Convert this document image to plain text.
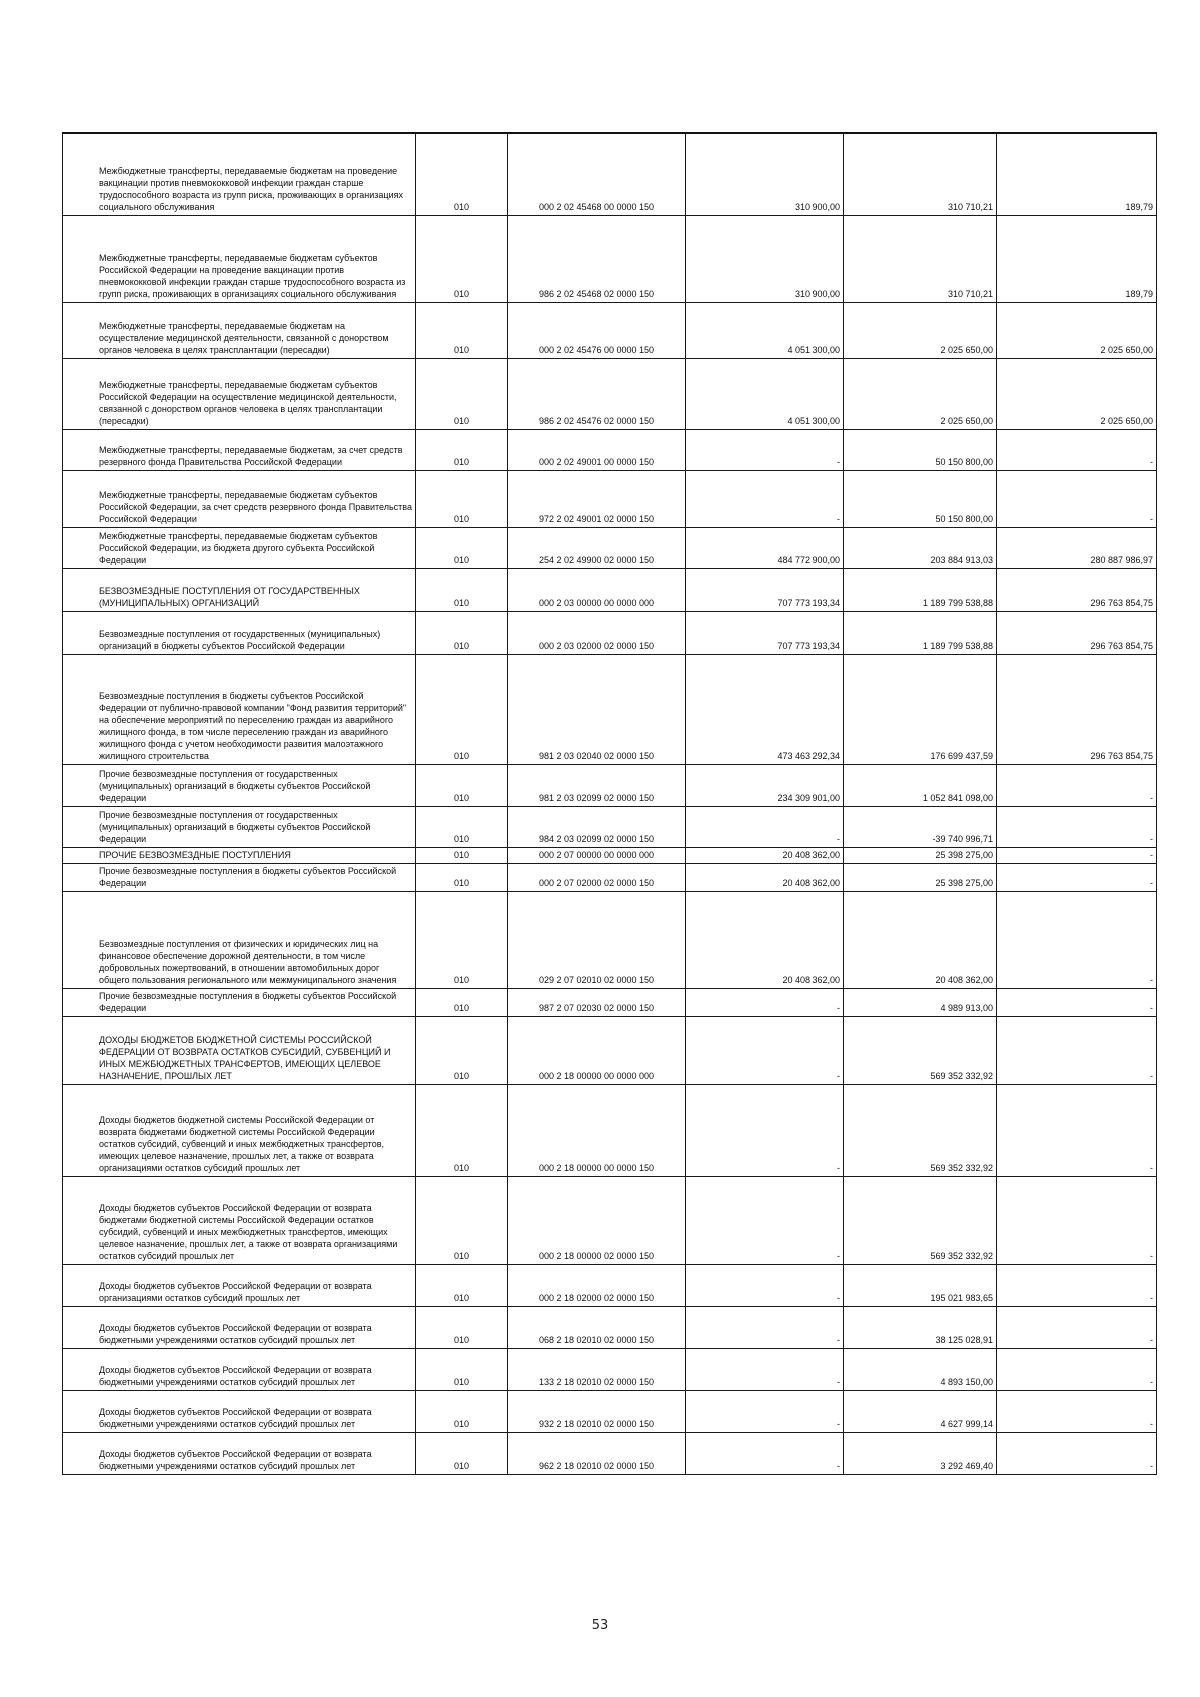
Межбюджетные трансферты, передаваемые бюджетам на проведение вакцинации против пневмококковой инфекции граждан старше трудоспособного возраста из групп риска, проживающих в организациях социального обслуживания	010	000 2 02 45468 00 0000 150	310 900,00	310 710,21	189,79
Межбюджетные трансферты, передаваемые бюджетам субъектов Российской Федерации на проведение вакцинации против пневмококковой инфекции граждан старше трудоспособного возраста из групп риска, проживающих в организациях социального обслуживания	010	986 2 02 45468 02 0000 150	310 900,00	310 710,21	189,79
Межбюджетные трансферты, передаваемые бюджетам на осуществление медицинской деятельности, связанной с донорством органов человека в целях трансплантации (пересадки)	010	000 2 02 45476 00 0000 150	4 051 300,00	2 025 650,00	2 025 650,00
Межбюджетные трансферты, передаваемые бюджетам субъектов Российской Федерации на осуществление медицинской деятельности, связанной с донорством органов человека в целях трансплантации (пересадки)	010	986 2 02 45476 02 0000 150	4 051 300,00	2 025 650,00	2 025 650,00
Межбюджетные трансферты, передаваемые бюджетам, за счет средств резервного фонда Правительства Российской Федерации	010	000 2 02 49001 00 0000 150	-	50 150 800,00	-
Межбюджетные трансферты, передаваемые бюджетам субъектов Российской Федерации, за счет средств резервного фонда Правительства Российской Федерации	010	972 2 02 49001 02 0000 150	-	50 150 800,00	-
Межбюджетные трансферты, передаваемые бюджетам субъектов Российской Федерации, из бюджета другого субъекта Российской Федерации	010	254 2 02 49900 02 0000 150	484 772 900,00	203 884 913,03	280 887 986,97
БЕЗВОЗМЕЗДНЫЕ ПОСТУПЛЕНИЯ ОТ ГОСУДАРСТВЕННЫХ (МУНИЦИПАЛЬНЫХ) ОРГАНИЗАЦИЙ	010	000 2 03 00000 00 0000 000	707 773 193,34	1 189 799 538,88	296 763 854,75
Безвозмездные поступления от государственных (муниципальных) организаций в бюджеты субъектов Российской Федерации	010	000 2 03 02000 02 0000 150	707 773 193,34	1 189 799 538,88	296 763 854,75
Безвозмездные поступления в бюджеты субъектов Российской Федерации от публично-правовой компании "Фонд развития территорий" на обеспечение мероприятий по переселению граждан из аварийного жилищного фонда, в том числе переселению граждан из аварийного жилищного фонда с учетом необходимости развития малоэтажного жилищного строительства	010	981 2 03 02040 02 0000 150	473 463 292,34	176 699 437,59	296 763 854,75
Прочие безвозмездные поступления от государственных (муниципальных) организаций в бюджеты субъектов Российской Федерации	010	981 2 03 02099 02 0000 150	234 309 901,00	1 052 841 098,00	-
Прочие безвозмездные поступления от государственных (муниципальных) организаций в бюджеты субъектов Российской Федерации	010	984 2 03 02099 02 0000 150	-	-39 740 996,71	-
ПРОЧИЕ БЕЗВОЗМЕЗДНЫЕ ПОСТУПЛЕНИЯ	010	000 2 07 00000 00 0000 000	20 408 362,00	25 398 275,00	-
Прочие безвозмездные поступления в бюджеты субъектов Российской Федерации	010	000 2 07 02000 02 0000 150	20 408 362,00	25 398 275,00	-
Безвозмездные поступления от физических и юридических лиц на финансовое обеспечение дорожной деятельности, в том числе добровольных пожертвований, в отношении автомобильных дорог общего пользования регионального или межмуниципального значения	010	029 2 07 02010 02 0000 150	20 408 362,00	20 408 362,00	-
Прочие безвозмездные поступления в бюджеты субъектов Российской Федерации	010	987 2 07 02030 02 0000 150	-	4 989 913,00	-
ДОХОДЫ БЮДЖЕТОВ БЮДЖЕТНОЙ СИСТЕМЫ РОССИЙСКОЙ ФЕДЕРАЦИИ ОТ ВОЗВРАТА ОСТАТКОВ СУБСИДИЙ, СУБВЕНЦИЙ И ИНЫХ МЕЖБЮДЖЕТНЫХ ТРАНСФЕРТОВ, ИМЕЮЩИХ ЦЕЛЕВОЕ НАЗНАЧЕНИЕ, ПРОШЛЫХ ЛЕТ	010	000 2 18 00000 00 0000 000	-	569 352 332,92	-
Доходы бюджетов бюджетной системы Российской Федерации от возврата бюджетами бюджетной системы Российской Федерации остатков субсидий, субвенций и иных межбюджетных трансфертов, имеющих целевое назначение, прошлых лет, а также от возврата организациями остатков субсидий прошлых лет	010	000 2 18 00000 00 0000 150	-	569 352 332,92	-
Доходы бюджетов субъектов Российской Федерации от возврата бюджетами бюджетной системы Российской Федерации остатков субсидий, субвенций и иных межбюджетных трансфертов, имеющих целевое назначение, прошлых лет, а также от возврата организациями остатков субсидий прошлых лет	010	000 2 18 00000 02 0000 150	-	569 352 332,92	-
Доходы бюджетов субъектов Российской Федерации от возврата организациями остатков субсидий прошлых лет	010	000 2 18 02000 02 0000 150	-	195 021 983,65	-
Доходы бюджетов субъектов Российской Федерации от возврата бюджетными учреждениями остатков субсидий прошлых лет	010	068 2 18 02010 02 0000 150	-	38 125 028,91	-
Доходы бюджетов субъектов Российской Федерации от возврата бюджетными учреждениями остатков субсидий прошлых лет	010	133 2 18 02010 02 0000 150	-	4 893 150,00	-
Доходы бюджетов субъектов Российской Федерации от возврата бюджетными учреждениями остатков субсидий прошлых лет	010	932 2 18 02010 02 0000 150	-	4 627 999,14	-
Доходы бюджетов субъектов Российской Федерации от возврата бюджетными учреждениями остатков субсидий прошлых лет	010	962 2 18 02010 02 0000 150	-	3 292 469,40	-
53
